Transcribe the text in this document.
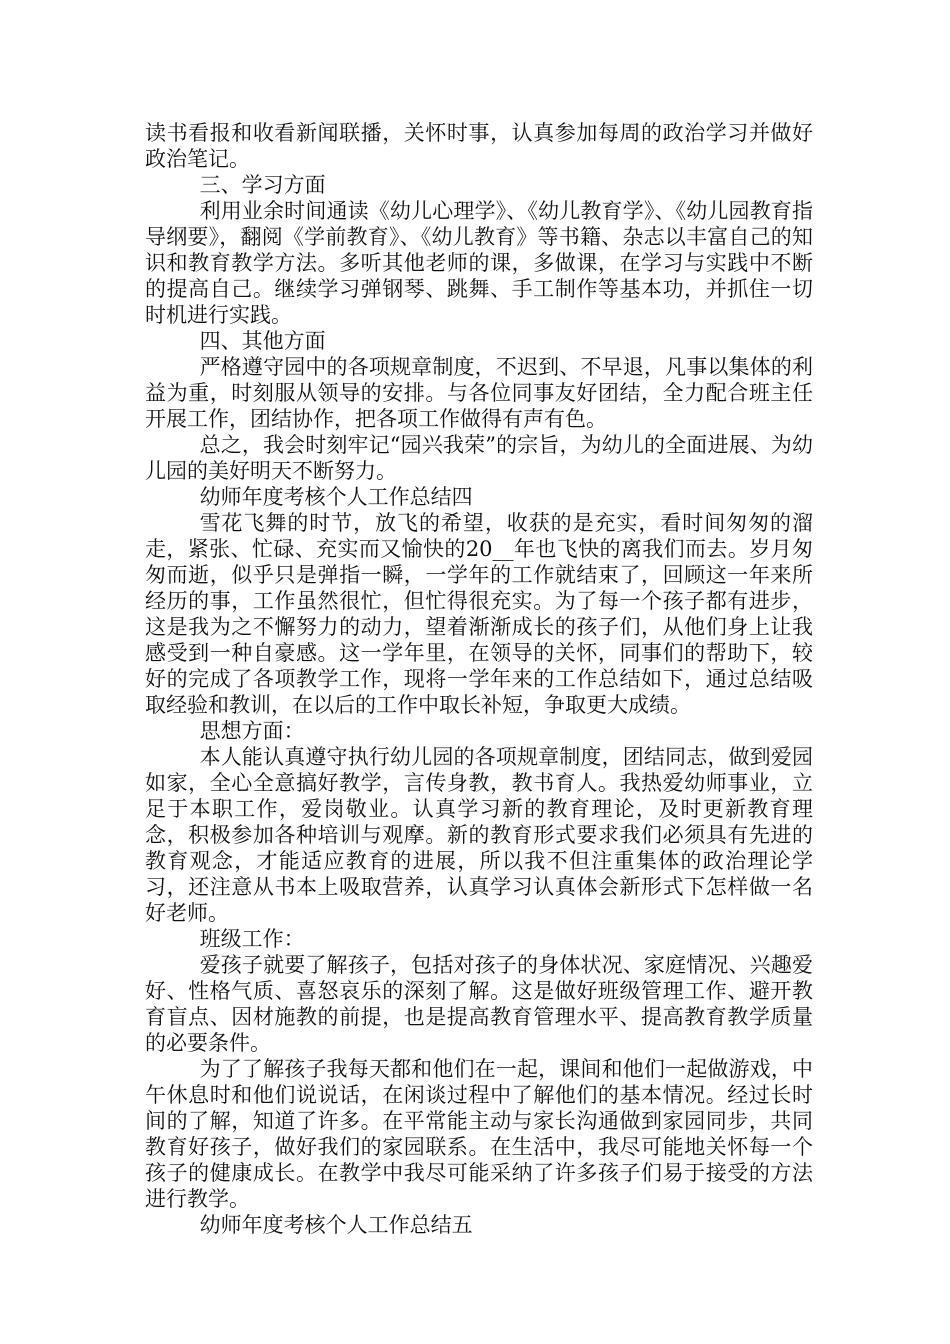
读书看报和收看新闻联播，关怀时事，认真参加每周的政治学习并做好政治笔记。

三、学习方面

利用业余时间通读《幼儿心理学》、《幼儿教育学》、《幼儿园教育指导纲要》，翻阅《学前教育》、《幼儿教育》等书籍、杂志以丰富自己的知识和教育教学方法。多听其他老师的课，多做课，在学习与实践中不断的提高自己。继续学习弹钢琴、跳舞、手工制作等基本功，并抓住一切时机进行实践。

四、其他方面

严格遵守园中的各项规章制度，不迟到、不早退，凡事以集体的利益为重，时刻服从领导的安排。与各位同事友好团结，全力配合班主任开展工作，团结协作，把各项工作做得有声有色。

总之，我会时刻牢记“园兴我荣”的宗旨，为幼儿的全面进展、为幼儿园的美好明天不断努力。

幼师年度考核个人工作总结四

雪花飞舞的时节，放飞的希望，收获的是充实，看时间匆匆的溜走，紧张、忙碌、充实而又愉快的20__年也飞快的离我们而去。岁月匆匆而逝，似乎只是弹指一瞬，一学年的工作就结束了，回顾这一年来所经历的事，工作虽然很忙，但忙得很充实。为了每一个孩子都有进步，这是我为之不懈努力的动力，望着渐渐成长的孩子们，从他们身上让我感受到一种自豪感。这一学年里，在领导的关怀，同事们的帮助下，较好的完成了各项教学工作，现将一学年来的工作总结如下，通过总结吸取经验和教训，在以后的工作中取长补短，争取更大成绩。

思想方面：

本人能认真遵守执行幼儿园的各项规章制度，团结同志，做到爱园如家，全心全意搞好教学，言传身教，教书育人。我热爱幼师事业，立足于本职工作，爱岗敬业。认真学习新的教育理论，及时更新教育理念，积极参加各种培训与观摩。新的教育形式要求我们必须具有先进的教育观念，才能适应教育的进展，所以我不但注重集体的政治理论学习，还注意从书本上吸取营养，认真学习认真体会新形式下怎样做一名好老师。

班级工作：

爱孩子就要了解孩子，包括对孩子的身体状况、家庭情况、兴趣爱好、性格气质、喜怒哀乐的深刻了解。这是做好班级管理工作、避开教育盲点、因材施教的前提，也是提高教育管理水平、提高教育教学质量的必要条件。

为了了解孩子我每天都和他们在一起，课间和他们一起做游戏，中午休息时和他们说说话，在闲谈过程中了解他们的基本情况。经过长时间的了解，知道了许多。在平常能主动与家长沟通做到家园同步，共同教育好孩子，做好我们的家园联系。在生活中，我尽可能地关怀每一个孩子的健康成长。在教学中我尽可能采纳了许多孩子们易于接受的方法进行教学。

幼师年度考核个人工作总结五
